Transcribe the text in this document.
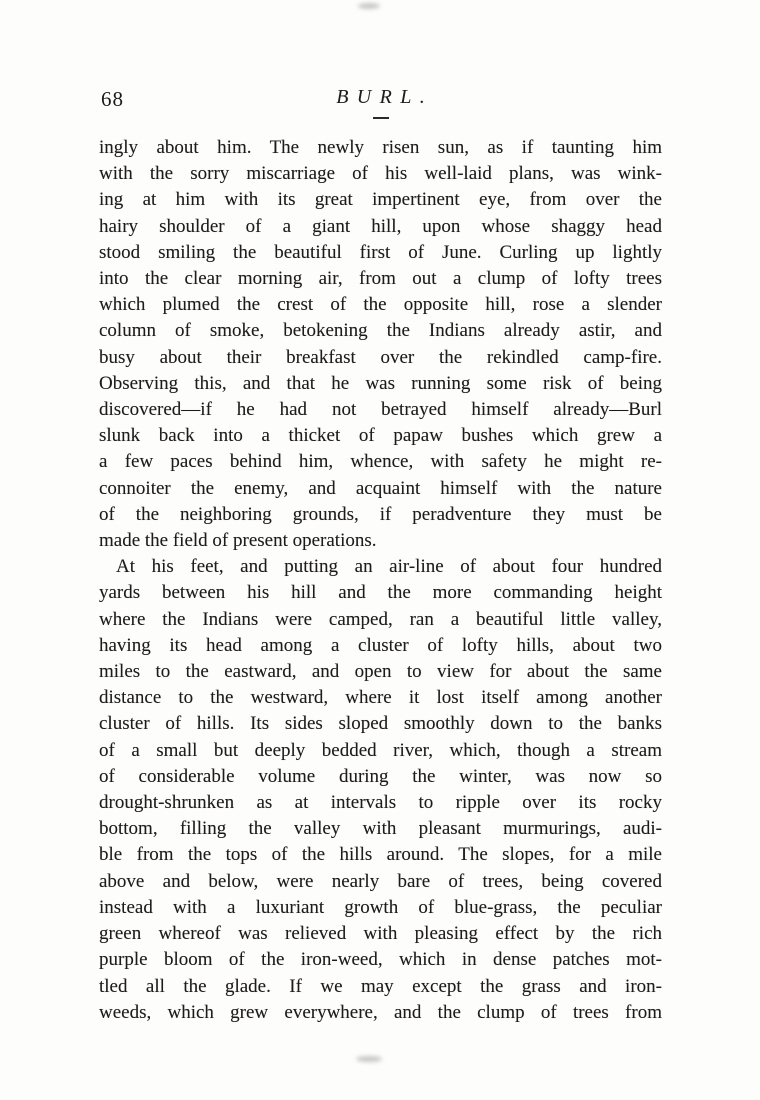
68	BURL.
ingly about him. The newly risen sun, as if taunting him
with the sorry miscarriage of his well-laid plans, was wink-
ing at him with its great impertinent eye, from over the
hairy shoulder of a giant hill, upon whose shaggy head
stood smiling the beautiful first of June. Curling up lightly
into the clear morning air, from out a clump of lofty trees
which plumed the crest of the opposite hill, rose a slender
column of smoke, betokening the Indians already astir, and
busy about their breakfast over the rekindled camp-fire.
Observing this, and that he was running some risk of being
discovered—if he had not betrayed himself already—Burl
slunk back into a thicket of papaw bushes which grew a
a few paces behind him, whence, with safety he might re-
connoiter the enemy, and acquaint himself with the nature
of the neighboring grounds, if peradventure they must be
made the field of present operations.
At his feet, and putting an air-line of about four hundred
yards between his hill and the more commanding height
where the Indians were camped, ran a beautiful little valley,
having its head among a cluster of lofty hills, about two
miles to the eastward, and open to view for about the same
distance to the westward, where it lost itself among another
cluster of hills. Its sides sloped smoothly down to the banks
of a small but deeply bedded river, which, though a stream
of considerable volume during the winter, was now so
drought-shrunken as at intervals to ripple over its rocky
bottom, filling the valley with pleasant murmurings, audi-
ble from the tops of the hills around. The slopes, for a mile
above and below, were nearly bare of trees, being covered
instead with a luxuriant growth of blue-grass, the peculiar
green whereof was relieved with pleasing effect by the rich
purple bloom of the iron-weed, which in dense patches mot-
tled all the glade. If we may except the grass and iron-
weeds, which grew everywhere, and the clump of trees from
